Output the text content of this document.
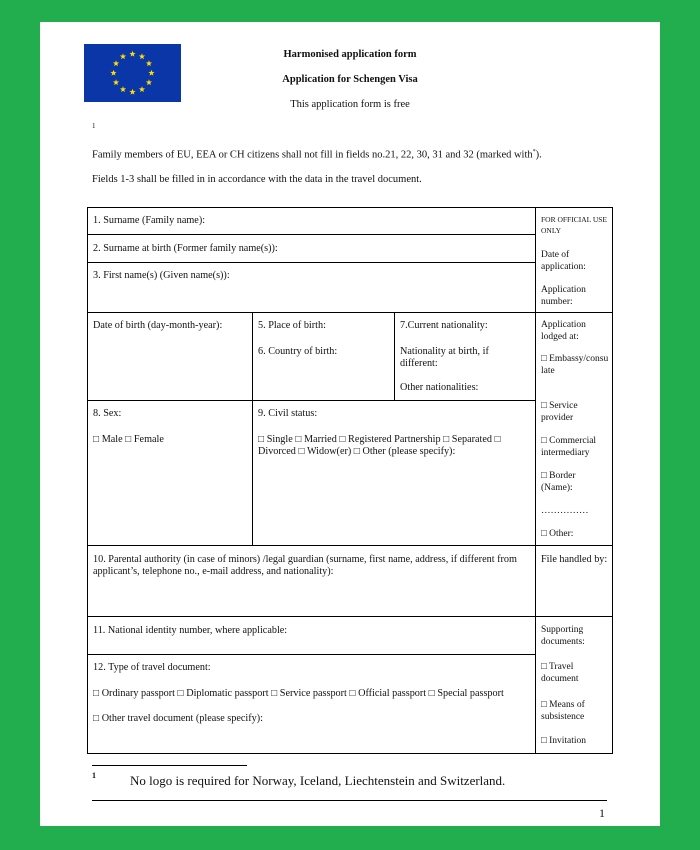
Harmonised application form
Application for Schengen Visa
This application form is free
1
Family members of EU, EEA or CH citizens shall not fill in fields no.21, 22, 30, 31 and 32 (marked with*).
Fields 1-3 shall be filled in in accordance with the data in the travel document.
1. Surname (Family name):
2. Surname at birth (Former family name(s)):
3. First name(s) (Given name(s)):
Date of birth (day-month-year):	5. Place of birth:
6. Country of birth:
7.Current nationality:
Nationality at birth, if different:
Other nationalities:
8. Sex:
□ Male □ Female
9. Civil status:
□ Single □ Married □ Registered Partnership □ Separated □ Divorced □ Widow(er) □ Other (please specify):
10. Parental authority (in case of minors) /legal guardian (surname, first name, address, if different from applicant’s, telephone no., e-mail address, and nationality):
11. National identity number, where applicable:
12. Type of travel document:
□ Ordinary passport □ Diplomatic passport □ Service passport □ Official passport □ Special passport
□ Other travel document (please specify):
FOR OFFICIAL USE ONLY
Date of application:
Application number:
Application lodged at:
□ Embassy/consulate
□ Service provider
□ Commercial intermediary
□ Border (Name):
……………
□ Other:
File handled by:
Supporting documents:
□ Travel document
□ Means of subsistence
□ Invitation
1	No logo is required for Norway, Iceland, Liechtenstein and Switzerland.
1
